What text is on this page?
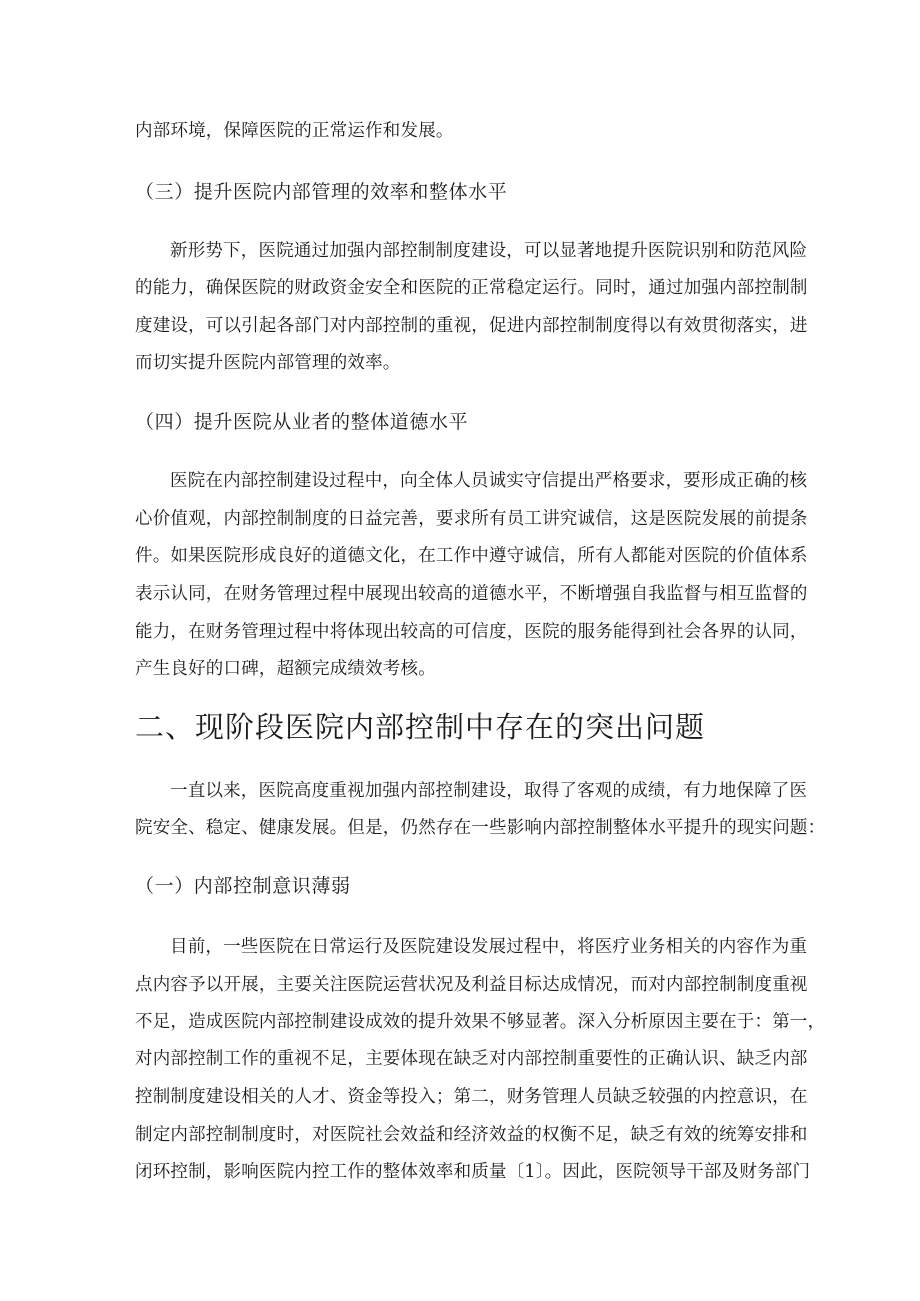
内部环境，保障医院的正常运作和发展。
（三）提升医院内部管理的效率和整体水平
新形势下，医院通过加强内部控制制度建设，可以显著地提升医院识别和防范风险
的能力，确保医院的财政资金安全和医院的正常稳定运行。同时，通过加强内部控制制
度建设，可以引起各部门对内部控制的重视，促进内部控制制度得以有效贯彻落实，进
而切实提升医院内部管理的效率。
（四）提升医院从业者的整体道德水平
医院在内部控制建设过程中，向全体人员诚实守信提出严格要求，要形成正确的核
心价值观，内部控制制度的日益完善，要求所有员工讲究诚信，这是医院发展的前提条
件。如果医院形成良好的道德文化，在工作中遵守诚信，所有人都能对医院的价值体系
表示认同，在财务管理过程中展现出较高的道德水平，不断增强自我监督与相互监督的
能力，在财务管理过程中将体现出较高的可信度，医院的服务能得到社会各界的认同，
产生良好的口碑，超额完成绩效考核。
二、现阶段医院内部控制中存在的突出问题
一直以来，医院高度重视加强内部控制建设，取得了客观的成绩，有力地保障了医
院安全、稳定、健康发展。但是，仍然存在一些影响内部控制整体水平提升的现实问题：
（一）内部控制意识薄弱
目前，一些医院在日常运行及医院建设发展过程中，将医疗业务相关的内容作为重
点内容予以开展，主要关注医院运营状况及利益目标达成情况，而对内部控制制度重视
不足，造成医院内部控制建设成效的提升效果不够显著。深入分析原因主要在于：第一，
对内部控制工作的重视不足，主要体现在缺乏对内部控制重要性的正确认识、缺乏内部
控制制度建设相关的人才、资金等投入；第二，财务管理人员缺乏较强的内控意识，在
制定内部控制制度时，对医院社会效益和经济效益的权衡不足，缺乏有效的统筹安排和
闭环控制，影响医院内控工作的整体效率和质量〔1〕。因此，医院领导干部及财务部门
